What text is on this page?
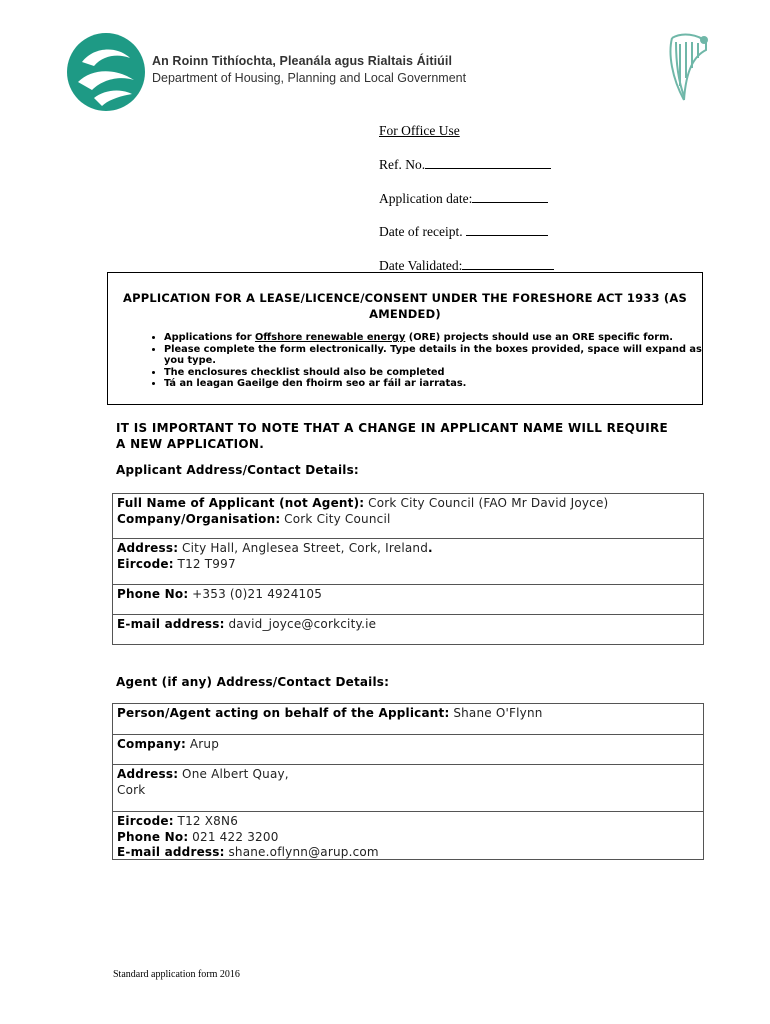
An Roinn Tithíochta, Pleanála agus Rialtais Áitiúil
Department of Housing, Planning and Local Government
For Office Use
Ref. No.
Application date:
Date of receipt.
Date Validated:
APPLICATION FOR A LEASE/LICENCE/CONSENT UNDER THE FORESHORE ACT 1933 (AS AMENDED)
• Applications for Offshore renewable energy (ORE) projects should use an ORE specific form.
• Please complete the form electronically. Type details in the boxes provided, space will expand as you type.
• The enclosures checklist should also be completed
• Tá an leagan Gaeilge den fhoirm seo ar fáil ar iarratas.
IT IS IMPORTANT TO NOTE THAT A CHANGE IN APPLICANT NAME WILL REQUIRE A NEW APPLICATION.
Applicant Address/Contact Details:
Full Name of Applicant (not Agent): Cork City Council (FAO Mr David Joyce)
Company/Organisation: Cork City Council
Address: City Hall, Anglesea Street, Cork, Ireland.
Eircode: T12 T997
Phone No: +353 (0)21 4924105
E-mail address: david_joyce@corkcity.ie
Agent (if any) Address/Contact Details:
Person/Agent acting on behalf of the Applicant: Shane O'Flynn
Company: Arup
Address: One Albert Quay,
Cork
Eircode: T12 X8N6
Phone No: 021 422 3200
E-mail address: shane.oflynn@arup.com
Standard application form 2016
